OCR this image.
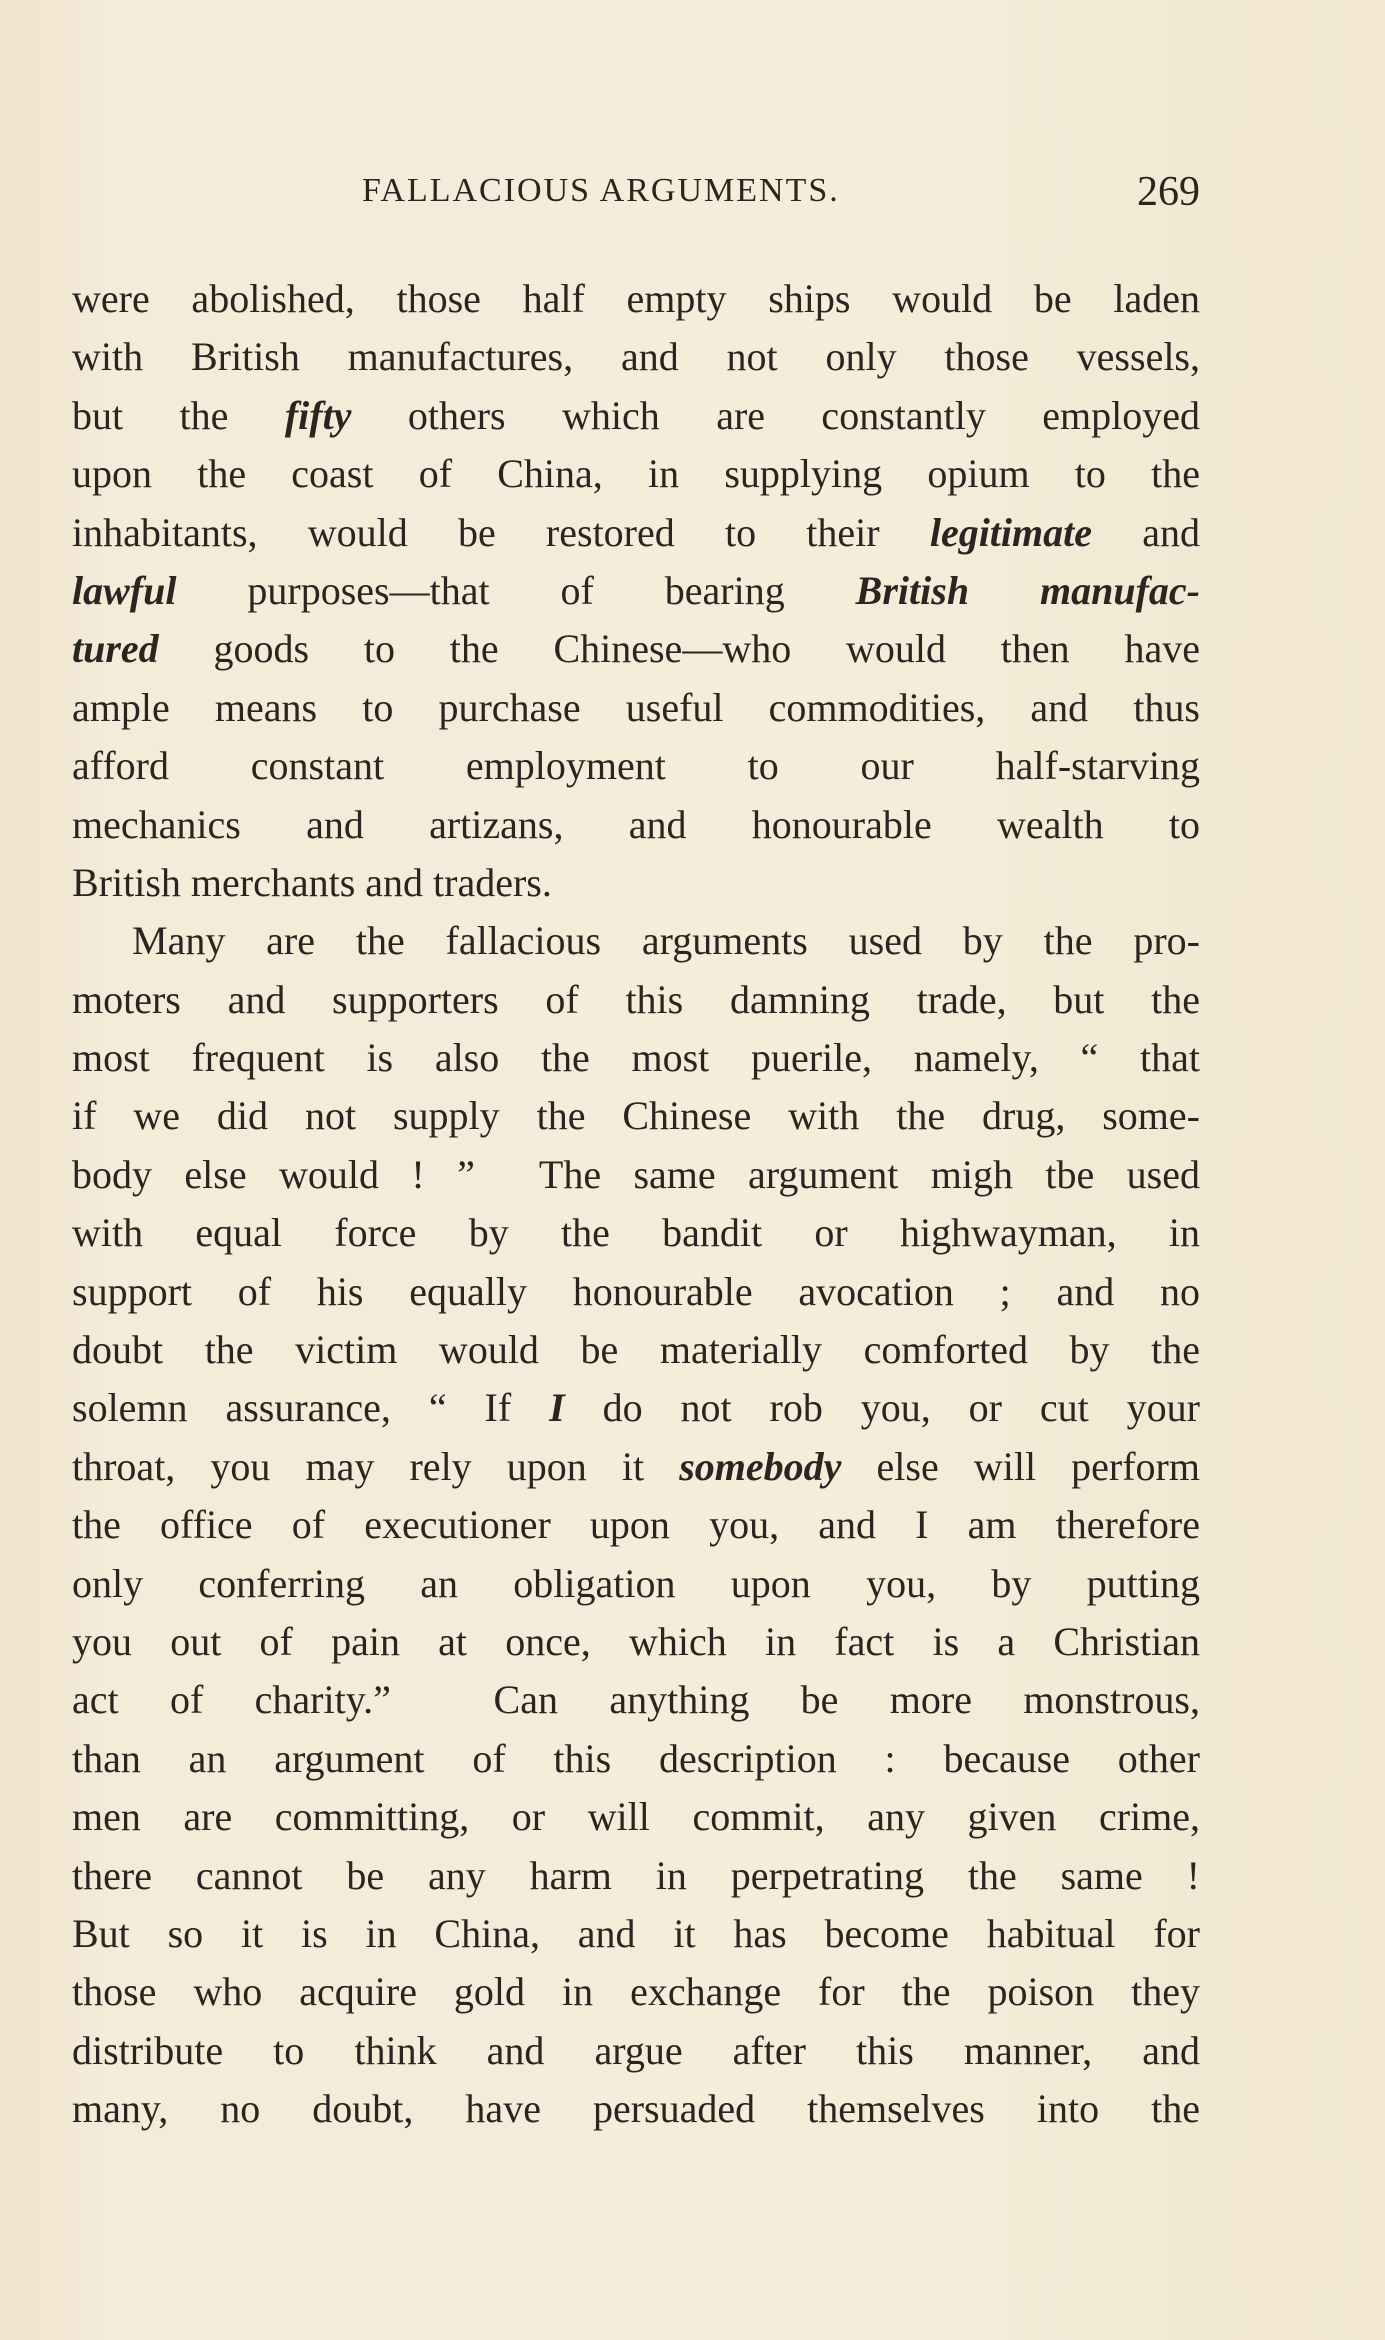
FALLACIOUS ARGUMENTS.	269
were abolished, those half empty ships would be laden
with British manufactures, and not only those vessels,
but the fifty others which are constantly employed
upon the coast of China, in supplying opium to the
inhabitants, would be restored to their legitimate and
lawful purposes—that of bearing British manufac-
tured goods to the Chinese—who would then have
ample means to purchase useful commodities, and thus
afford constant employment to our half-starving
mechanics and artizans, and honourable wealth to
British merchants and traders.
Many are the fallacious arguments used by the pro-
moters and supporters of this damning trade, but the
most frequent is also the most puerile, namely, “ that
if we did not supply the Chinese with the drug, some-
body else would ! ”  The same argument migh tbe used
with equal force by the bandit or highwayman, in
support of his equally honourable avocation ; and no
doubt the victim would be materially comforted by the
solemn assurance, “ If I do not rob you, or cut your
throat, you may rely upon it somebody else will perform
the office of executioner upon you, and I am therefore
only conferring an obligation upon you, by putting
you out of pain at once, which in fact is a Christian
act of charity.”  Can anything be more monstrous,
than an argument of this description : because other
men are committing, or will commit, any given crime,
there cannot be any harm in perpetrating the same !
But so it is in China, and it has become habitual for
those who acquire gold in exchange for the poison they
distribute to think and argue after this manner, and
many, no doubt, have persuaded themselves into the
